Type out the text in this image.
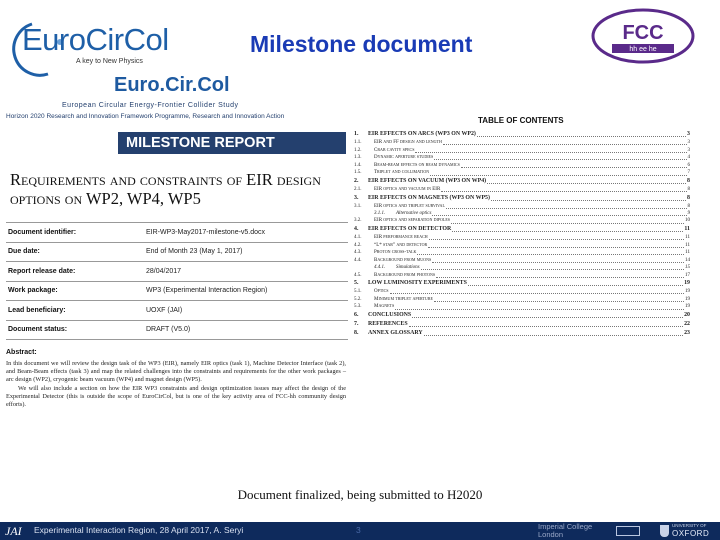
EuroCirCol
A key to New Physics
Milestone document	FCC
hh ee he
Euro.Cir.Col
European Circular Energy-Frontier Collider Study
Horizon 2020 Research and Innovation Framework Programme, Research and Innovation Action
MILESTONE REPORT
Requirements and constraints of EIR design options on WP2, WP4, WP5
Document identifier:	EIR-WP3-May2017-milestone-v5.docx
Due date:	End of Month 23 (May 1, 2017)
Report release date:	28/04/2017
Work package:	WP3 (Experimental Interaction Region)
Lead beneficiary:	UOXF (JAI)
Document status:	DRAFT (V5.0)
Abstract:

In this document we will review the design task of the WP3 (EIR), namely EIR optics (task 1), Machine Detector Interface (task 2), and Beam-Beam effects (task 3) and map the related challenges into the constraints and requirements for the other work packages – arc design (WP2), cryogenic beam vacuum (WP4) and magnet design (WP5).

We will also include a section on how the EIR WP3 constraints and design optimization issues may affect the design of the Experimental Detector (this is outside the scope of EuroCirCol, but is one of the key activity area of FCC-hh community design efforts).

TABLE OF CONTENTS
1.	EIR EFFECTS ON ARCS (WP3 ON WP2)	3
1.1.	EIR and FF design and length	3
1.2.	Crab cavity specs	3
1.3.	Dynamic aperture studies	4
1.4.	Beam-beam effects on beam dynamics	6
1.5.	Triplet and collimation	7
2.	EIR EFFECTS ON VACUUM (WP3 ON WP4)	8
2.1.	EIR optics and vacuum in EIR	8
3.	EIR EFFECTS ON MAGNETS (WP3 ON WP5)	8
3.1.	EIR optics and triplet survival	8
3.1.1.	Alternative optics	9
3.2.	EIR optics and separation dipoles	10
4.	EIR EFFECTS ON DETECTOR	11
4.1.	EIR performance reach	11
4.2.	“L* star” and detector	11
4.3.	Proton cross-talk	11
4.4.	Background from muons	14
4.4.1.	Simulations	15
4.5.	Background from photons	17
5.	LOW LUMINOSITY EXPERIMENTS	19
5.1.	Optics	19
5.2.	Minimum triplet aperture	19
5.3.	Magnets	19
6.	CONCLUSIONS	20
7.	REFERENCES	22
8.	ANNEX GLOSSARY	23
Document finalized, being submitted to H2020
JAI Experimental Interaction Region, 28 April 2017, A. Seryi	3	Imperial College
London
UNIVERSITY OF
OXFORD
